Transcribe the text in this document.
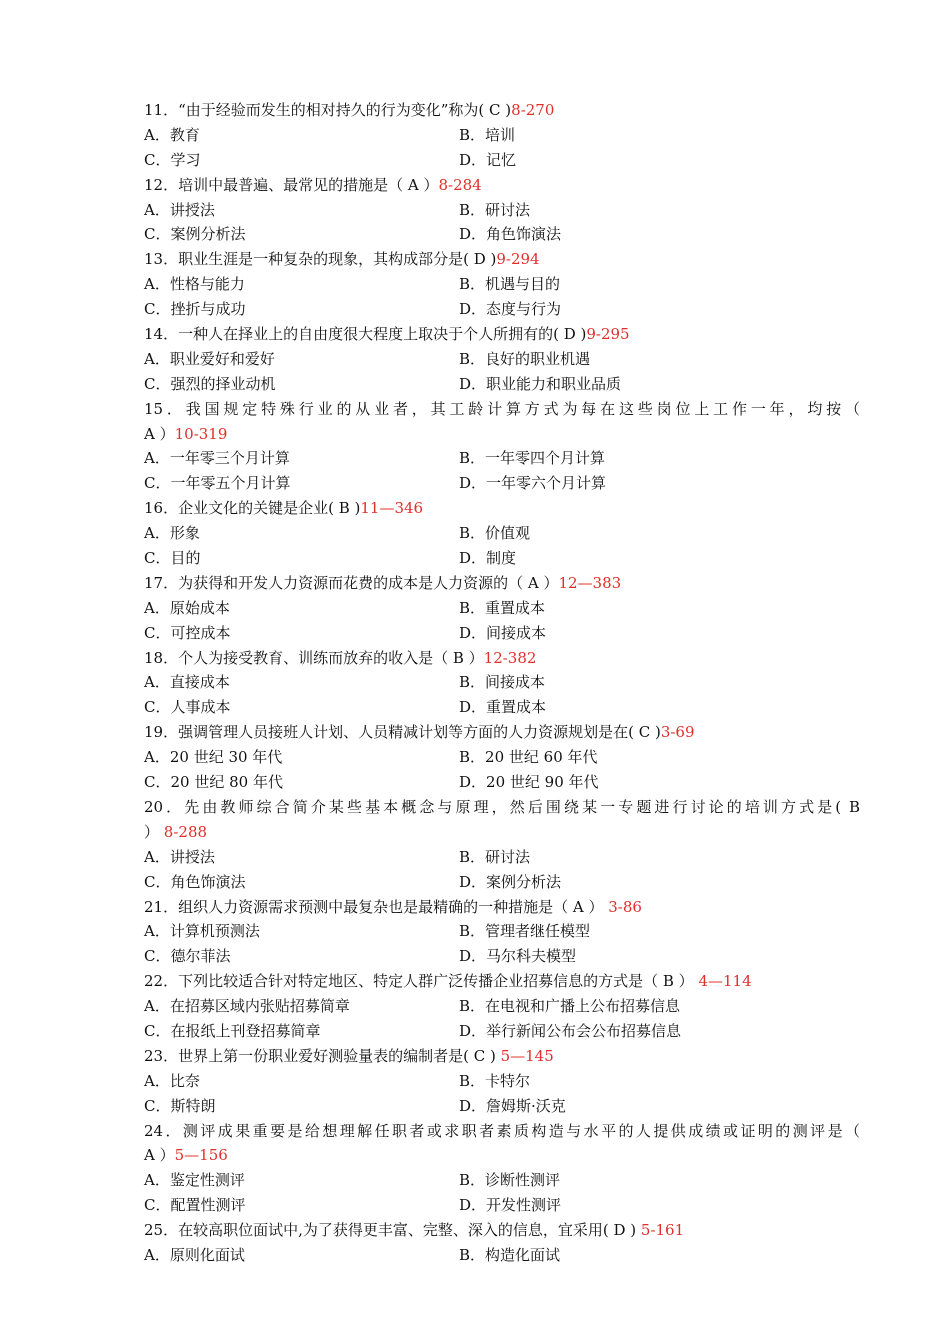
11．“由于经验而发生的相对持久的行为变化”称为( C )8-270
A．教育	B．培训
C．学习	D．记忆
12．培训中最普遍、最常见的措施是（ A ）8-284
A．讲授法	B．研讨法
C．案例分析法	D．角色饰演法
13．职业生涯是一种复杂的现象，其构成部分是( D )9-294
A．性格与能力	B．机遇与目的
C．挫折与成功	D．态度与行为
14．一种人在择业上的自由度很大程度上取决于个人所拥有的( D )9-295
A．职业爱好和爱好	B．良好的职业机遇
C．强烈的择业动机	D．职业能力和职业品质
15．我国规定特殊行业的从业者，其工龄计算方式为每在这些岗位上工作一年，均按（
A ）10-319
A．一年零三个月计算	B．一年零四个月计算
C．一年零五个月计算	D．一年零六个月计算
16．企业文化的关键是企业( B )11—346
A．形象	B．价值观
C．目的	D．制度
17．为获得和开发人力资源而花费的成本是人力资源的（ A ）12—383
A．原始成本	B．重置成本
C．可控成本	D．间接成本
18．个人为接受教育、训练而放弃的收入是（ B ）12-382
A．直接成本	B．间接成本
C．人事成本	D．重置成本
19．强调管理人员接班人计划、人员精减计划等方面的人力资源规划是在( C )3-69
A．20 世纪 30 年代	B．20 世纪 60 年代
C．20 世纪 80 年代	D．20 世纪 90 年代
20．先由教师综合简介某些基本概念与原理，然后围绕某一专题进行讨论的培训方式是( B
） 8-288
A．讲授法	B．研讨法
C．角色饰演法	D．案例分析法
21．组织人力资源需求预测中最复杂也是最精确的一种措施是（ A ） 3-86
A．计算机预测法	B．管理者继任模型
C．德尔菲法	D．马尔科夫模型
22．下列比较适合针对特定地区、特定人群广泛传播企业招募信息的方式是（ B ） 4—114
A．在招募区域内张贴招募简章	B．在电视和广播上公布招募信息
C．在报纸上刊登招募简章	D．举行新闻公布会公布招募信息
23．世界上第一份职业爱好测验量表的编制者是( C ) 5—145
A．比奈	B．卡特尔
C．斯特朗	D．詹姆斯·沃克
24．测评成果重要是给想理解任职者或求职者素质构造与水平的人提供成绩或证明的测评是（
A ）5—156
A．鉴定性测评	B．诊断性测评
C．配置性测评	D．开发性测评
25．在较高职位面试中,为了获得更丰富、完整、深入的信息，宜采用( D ) 5-161
A．原则化面试	B．构造化面试
